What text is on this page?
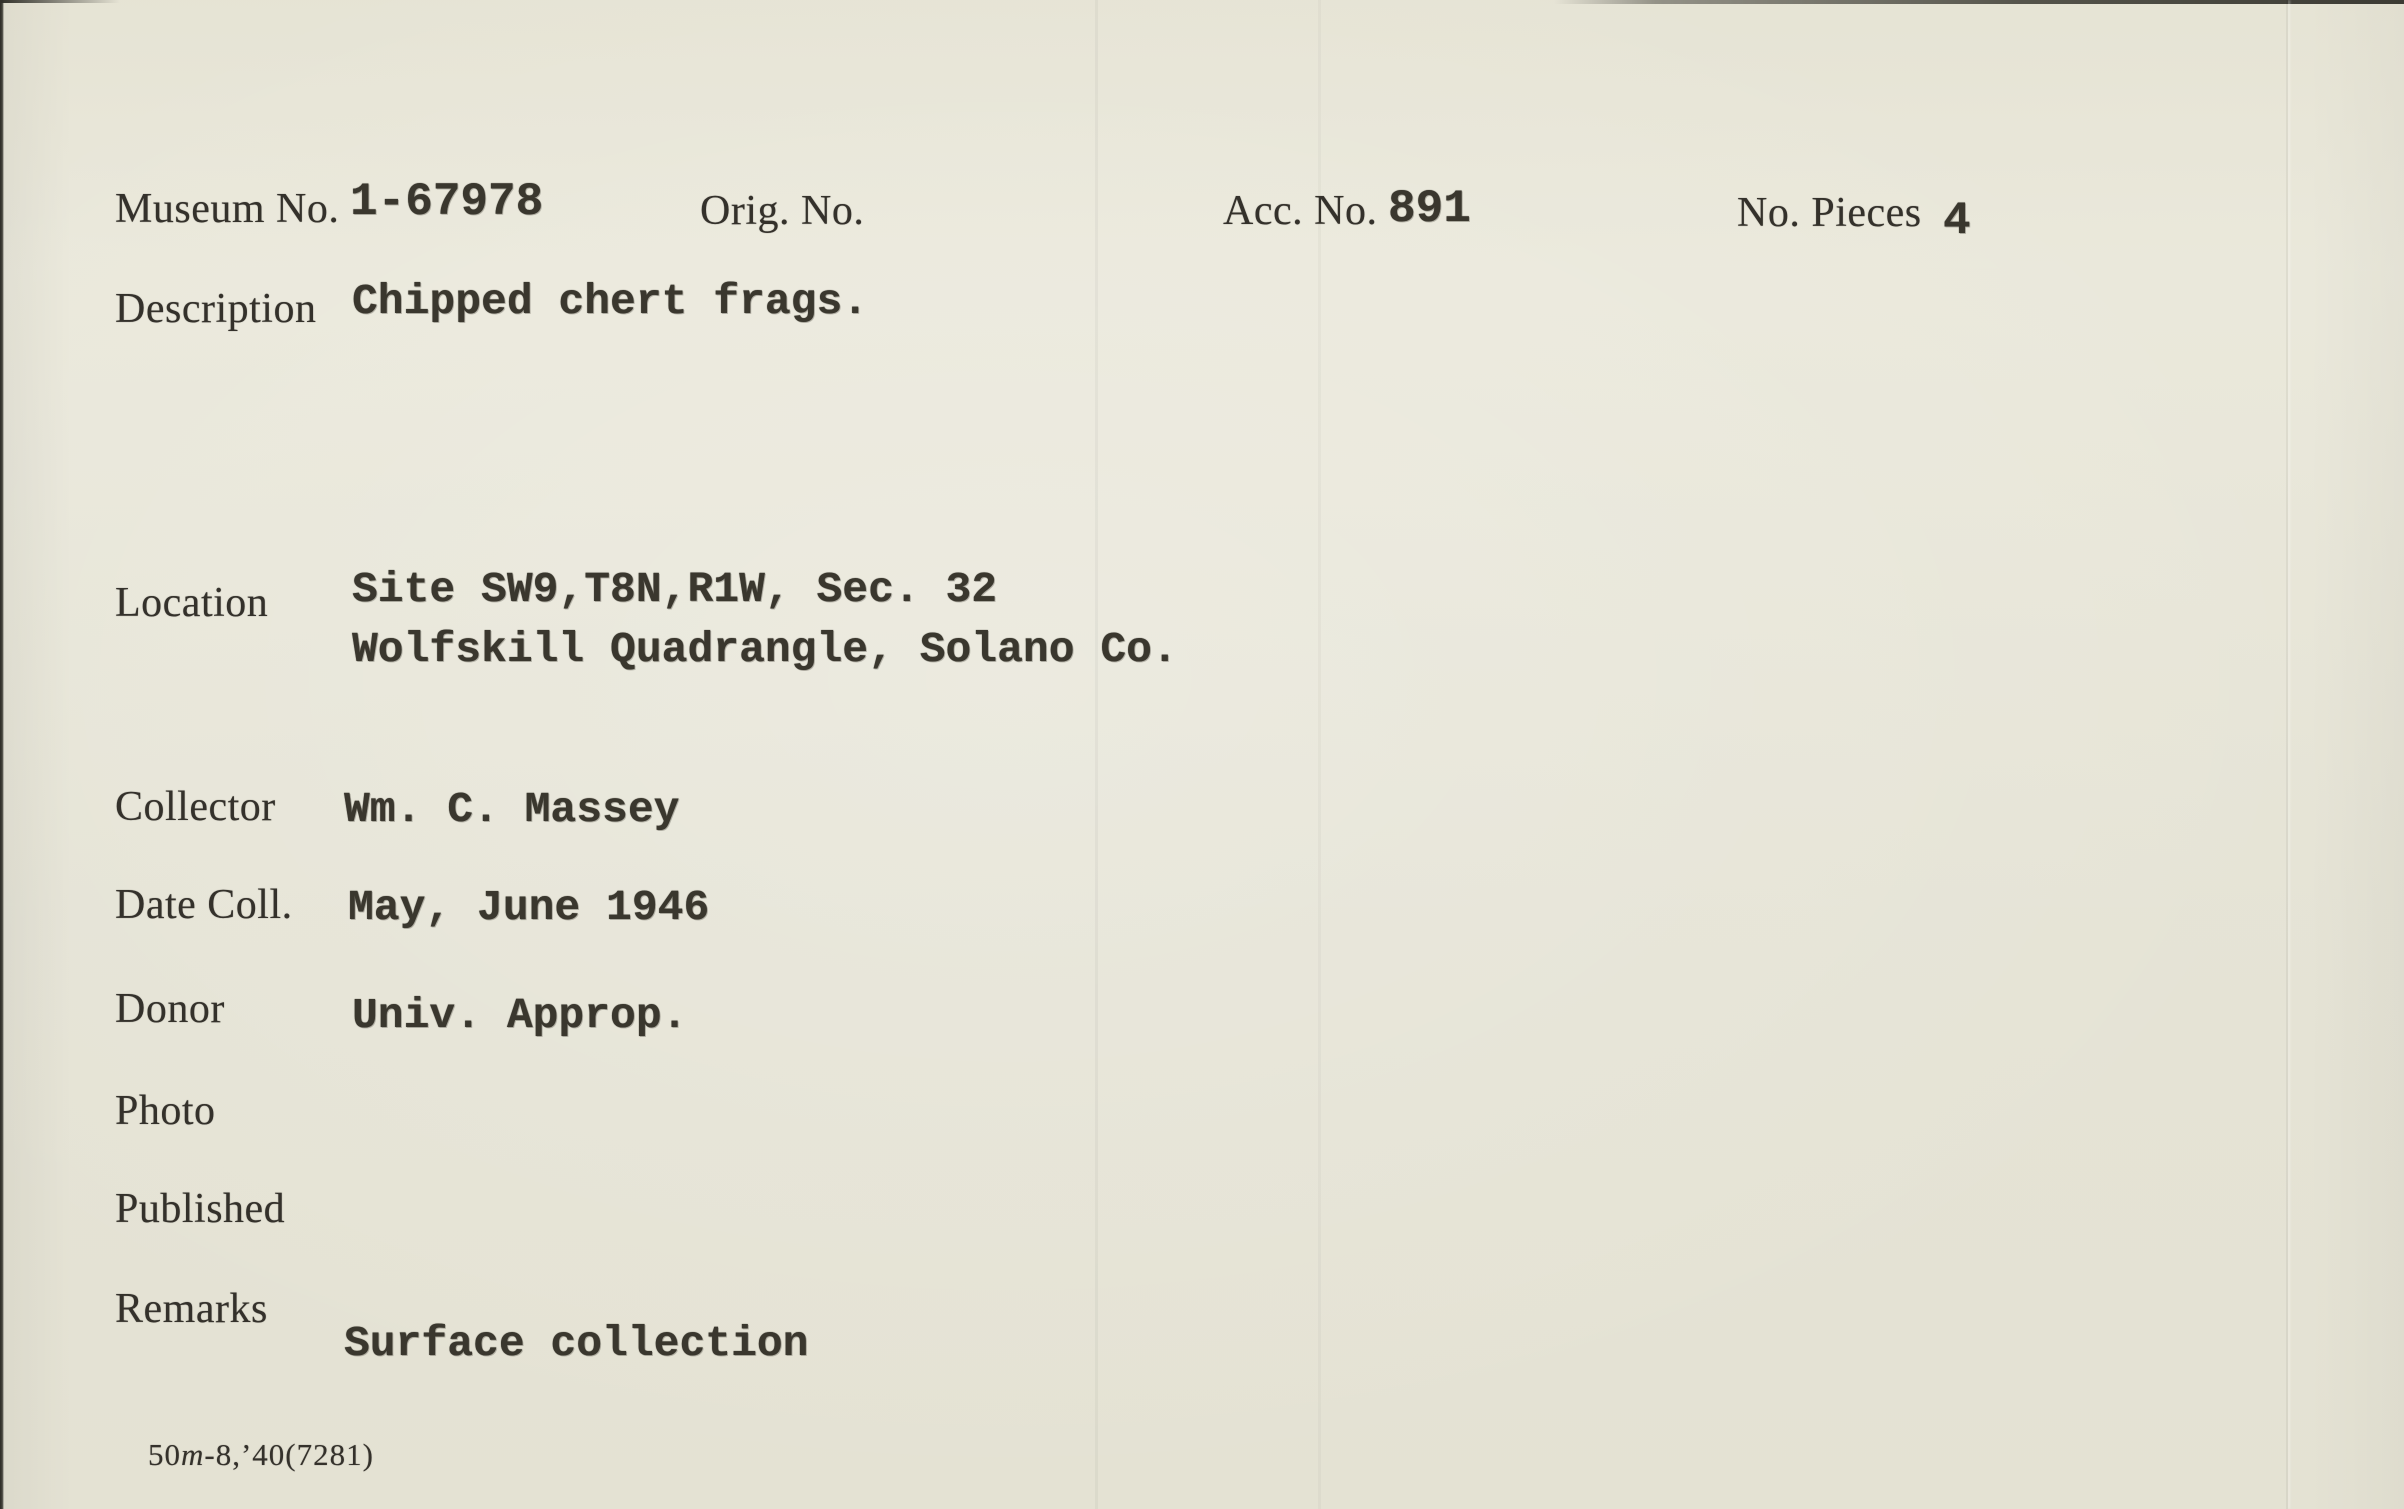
Museum No. 1-67978	Orig. No.	Acc. No. 891	No. Pieces 4
Description Chipped chert frags.
Location Site SW9,T8N,R1W, Sec. 32
Wolfskill Quadrangle, Solano Co.
Collector Wm. C. Massey
Date Coll. May, June 1946
Donor	Univ. Approp.
Photo
Published
Remarks
Surface collection

50m-8,’40(7281)
